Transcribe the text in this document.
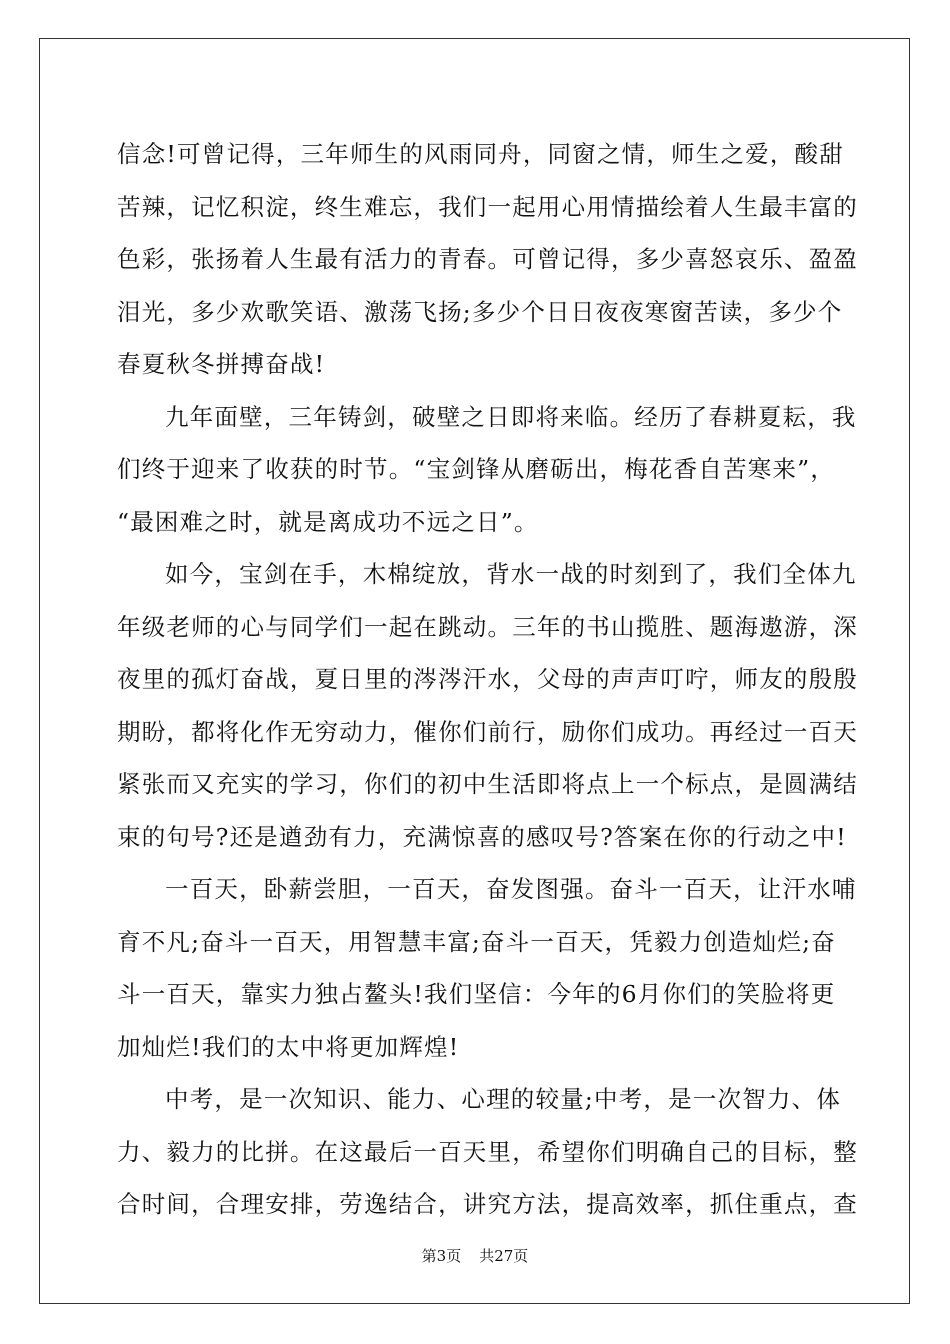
信念!可曾记得，三年师生的风雨同舟，同窗之情，师生之爱，酸甜
苦辣，记忆积淀，终生难忘，我们一起用心用情描绘着人生最丰富的
色彩，张扬着人生最有活力的青春。可曾记得，多少喜怒哀乐、盈盈
泪光，多少欢歌笑语、激荡飞扬;多少个日日夜夜寒窗苦读，多少个
春夏秋冬拼搏奋战!
九年面壁，三年铸剑，破壁之日即将来临。经历了春耕夏耘，我
们终于迎来了收获的时节。“宝剑锋从磨砺出，梅花香自苦寒来”，
“最困难之时，就是离成功不远之日”。
如今，宝剑在手，木棉绽放，背水一战的时刻到了，我们全体九
年级老师的心与同学们一起在跳动。三年的书山揽胜、题海遨游，深
夜里的孤灯奋战，夏日里的涔涔汗水，父母的声声叮咛，师友的殷殷
期盼，都将化作无穷动力，催你们前行，励你们成功。再经过一百天
紧张而又充实的学习，你们的初中生活即将点上一个标点，是圆满结
束的句号?还是遒劲有力，充满惊喜的感叹号?答案在你的行动之中!
一百天，卧薪尝胆，一百天，奋发图强。奋斗一百天，让汗水哺
育不凡;奋斗一百天，用智慧丰富;奋斗一百天，凭毅力创造灿烂;奋
斗一百天，靠实力独占鳌头!我们坚信：今年的6月你们的笑脸将更
加灿烂!我们的太中将更加辉煌!
中考，是一次知识、能力、心理的较量;中考，是一次智力、体
力、毅力的比拼。在这最后一百天里，希望你们明确自己的目标，整
合时间，合理安排，劳逸结合，讲究方法，提高效率，抓住重点，查
第3页 共27页
